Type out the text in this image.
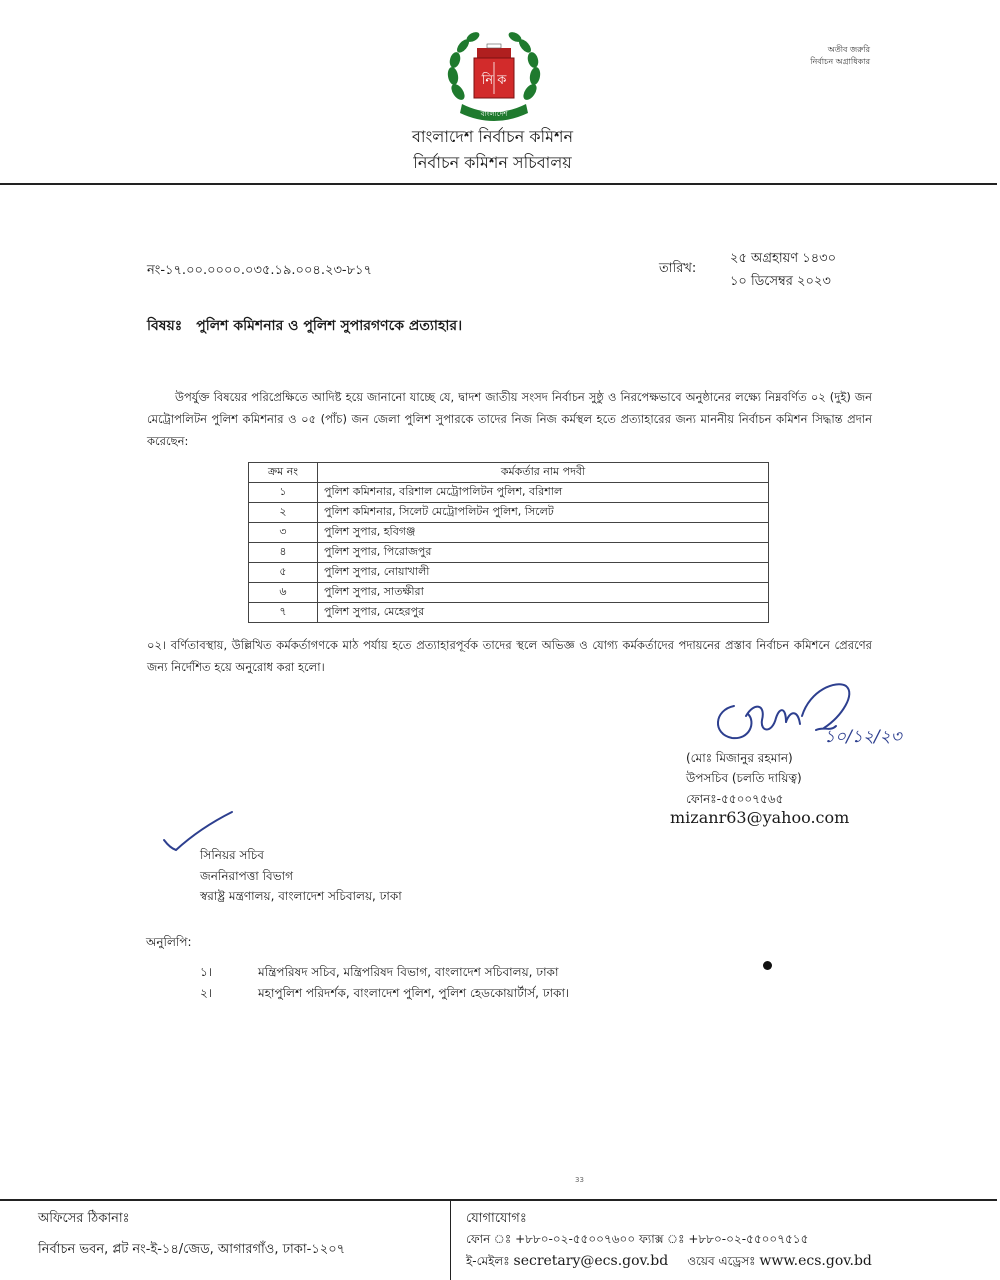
নি ক
বাংলাদেশ
অতীব জরুরি
নির্বাচন অগ্রাধিকার
বাংলাদেশ নির্বাচন কমিশন
নির্বাচন কমিশন সচিবালয়
নং-১৭.০০.০০০০.০৩৫.১৯.০০৪.২৩-৮১৭	তারিখ:
২৫ অগ্রহায়ণ ১৪৩০
১০ ডিসেম্বর ২০২৩
বিষয়ঃ পুলিশ কমিশনার ও পুলিশ সুপারগণকে প্রত্যাহার।
উপর্যুক্ত বিষয়ের পরিপ্রেক্ষিতে আদিষ্ট হয়ে জানানো যাচ্ছে যে, দ্বাদশ জাতীয় সংসদ নির্বাচন সুষ্ঠু ও নিরপেক্ষভাবে অনুষ্ঠানের লক্ষ্যে নিম্নবর্ণিত ০২ (দুই) জন মেট্রোপলিটন পুলিশ কমিশনার ও ০৫ (পাঁচ) জন জেলা পুলিশ সুপারকে তাদের নিজ নিজ কর্মস্থল হতে প্রত্যাহারের জন্য মাননীয় নির্বাচন কমিশন সিদ্ধান্ত প্রদান করেছেন:
ক্রম নং	কর্মকর্তার নাম পদবী
১	পুলিশ কমিশনার, বরিশাল মেট্রোপলিটন পুলিশ, বরিশাল
২	পুলিশ কমিশনার, সিলেট মেট্রোপলিটন পুলিশ, সিলেট
৩	পুলিশ সুপার, হবিগঞ্জ
৪	পুলিশ সুপার, পিরোজপুর
৫	পুলিশ সুপার, নোয়াখালী
৬	পুলিশ সুপার, সাতক্ষীরা
৭	পুলিশ সুপার, মেহেরপুর
০২। বর্ণিতাবস্থায়, উল্লিখিত কর্মকর্তাগণকে মাঠ পর্যায় হতে প্রত্যাহারপূর্বক তাদের স্থলে অভিজ্ঞ ও যোগ্য কর্মকর্তাদের পদায়নের প্রস্তাব নির্বাচন কমিশনে প্রেরণের জন্য নির্দেশিত হয়ে অনুরোধ করা হলো।
১০/১২/২৩
(মোঃ মিজানুর রহমান)
উপসচিব (চলতি দায়িত্ব)
ফোনঃ-৫৫০০৭৫৬৫
mizanr63@yahoo.com
সিনিয়র সচিব
জননিরাপত্তা বিভাগ
স্বরাষ্ট্র মন্ত্রণালয়, বাংলাদেশ সচিবালয়, ঢাকা
অনুলিপি:
১।	মন্ত্রিপরিষদ সচিব, মন্ত্রিপরিষদ বিভাগ, বাংলাদেশ সচিবালয়, ঢাকা
২।	মহাপুলিশ পরিদর্শক, বাংলাদেশ পুলিশ, পুলিশ হেডকোয়ার্টার্স, ঢাকা।
33
অফিসের ঠিকানাঃ
নির্বাচন ভবন, প্লট নং-ই-১৪/জেড, আগারগাঁও, ঢাকা-১২০৭
যোগাযোগঃ
ফোন ঃ +৮৮০-০২-৫৫০০৭৬০০ ফ্যাক্স ঃ +৮৮০-০২-৫৫০০৭৫১৫
ই-মেইলঃ secretary@ecs.gov.bd ওয়েব এড্রেসঃ www.ecs.gov.bd
